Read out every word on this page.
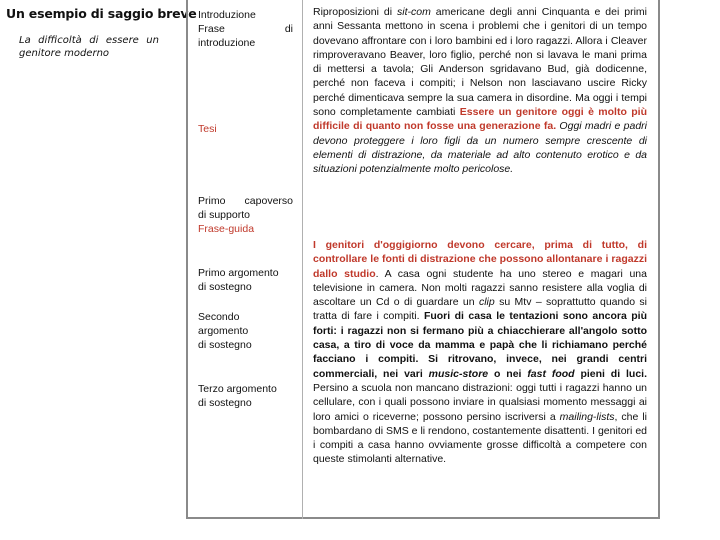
Un esempio di saggio breve
La difficoltà di essere un genitore moderno
Introduzione
Frase	di
introduzione
Tesi
Primo capoverso
di supporto
Frase-guida
Primo argomento
di sostegno
Secondo
argomento
di sostegno
Terzo argomento
di sostegno
Riproposizioni di sit-com americane degli anni Cinquanta e dei primi anni Sessanta mettono in scena i problemi che i genitori di un tempo dovevano affrontare con i loro bambini ed i loro ragazzi. Allora i Cleaver rimproveravano Beaver, loro figlio, perché non si lavava le mani prima di mettersi a tavola; Gli Anderson sgridavano Bud, già dodicenne, perché non faceva i compiti; i Nelson non lasciavano uscire Ricky perché dimenticava sempre la sua camera in disordine. Ma oggi i tempi sono completamente cambiati Essere un genitore oggi è molto più difficile di quanto non fosse una generazione fa. Oggi madri e padri devono proteggere i loro figli da un numero sempre crescente di elementi di distrazione, da materiale ad alto contenuto erotico e da situazioni potenzialmente molto pericolose.
I genitori d'oggigiorno devono cercare, prima di tutto, di controllare le fonti di distrazione che possono allontanare i ragazzi dallo studio. A casa ogni studente ha uno stereo e magari una televisione in camera. Non molti ragazzi sanno resistere alla voglia di ascoltare un Cd o di guardare un clip su Mtv – soprattutto quando si tratta di fare i compiti. Fuori di casa le tentazioni sono ancora più forti: i ragazzi non si fermano più a chiacchierare all'angolo sotto casa, a tiro di voce da mamma e papà che li richiamano perché facciano i compiti. Si ritrovano, invece, nei grandi centri commerciali, nei vari music-store o nei fast food pieni di luci. Persino a scuola non mancano distrazioni: oggi tutti i ragazzi hanno un cellulare, con i quali possono inviare in qualsiasi momento messaggi ai loro amici o riceverne; possono persino iscriversi a mailing-lists, che li bombardano di SMS e li rendono, costantemente disattenti. I genitori ed i compiti a casa hanno ovviamente grosse difficoltà a competere con queste stimolanti alternative.
